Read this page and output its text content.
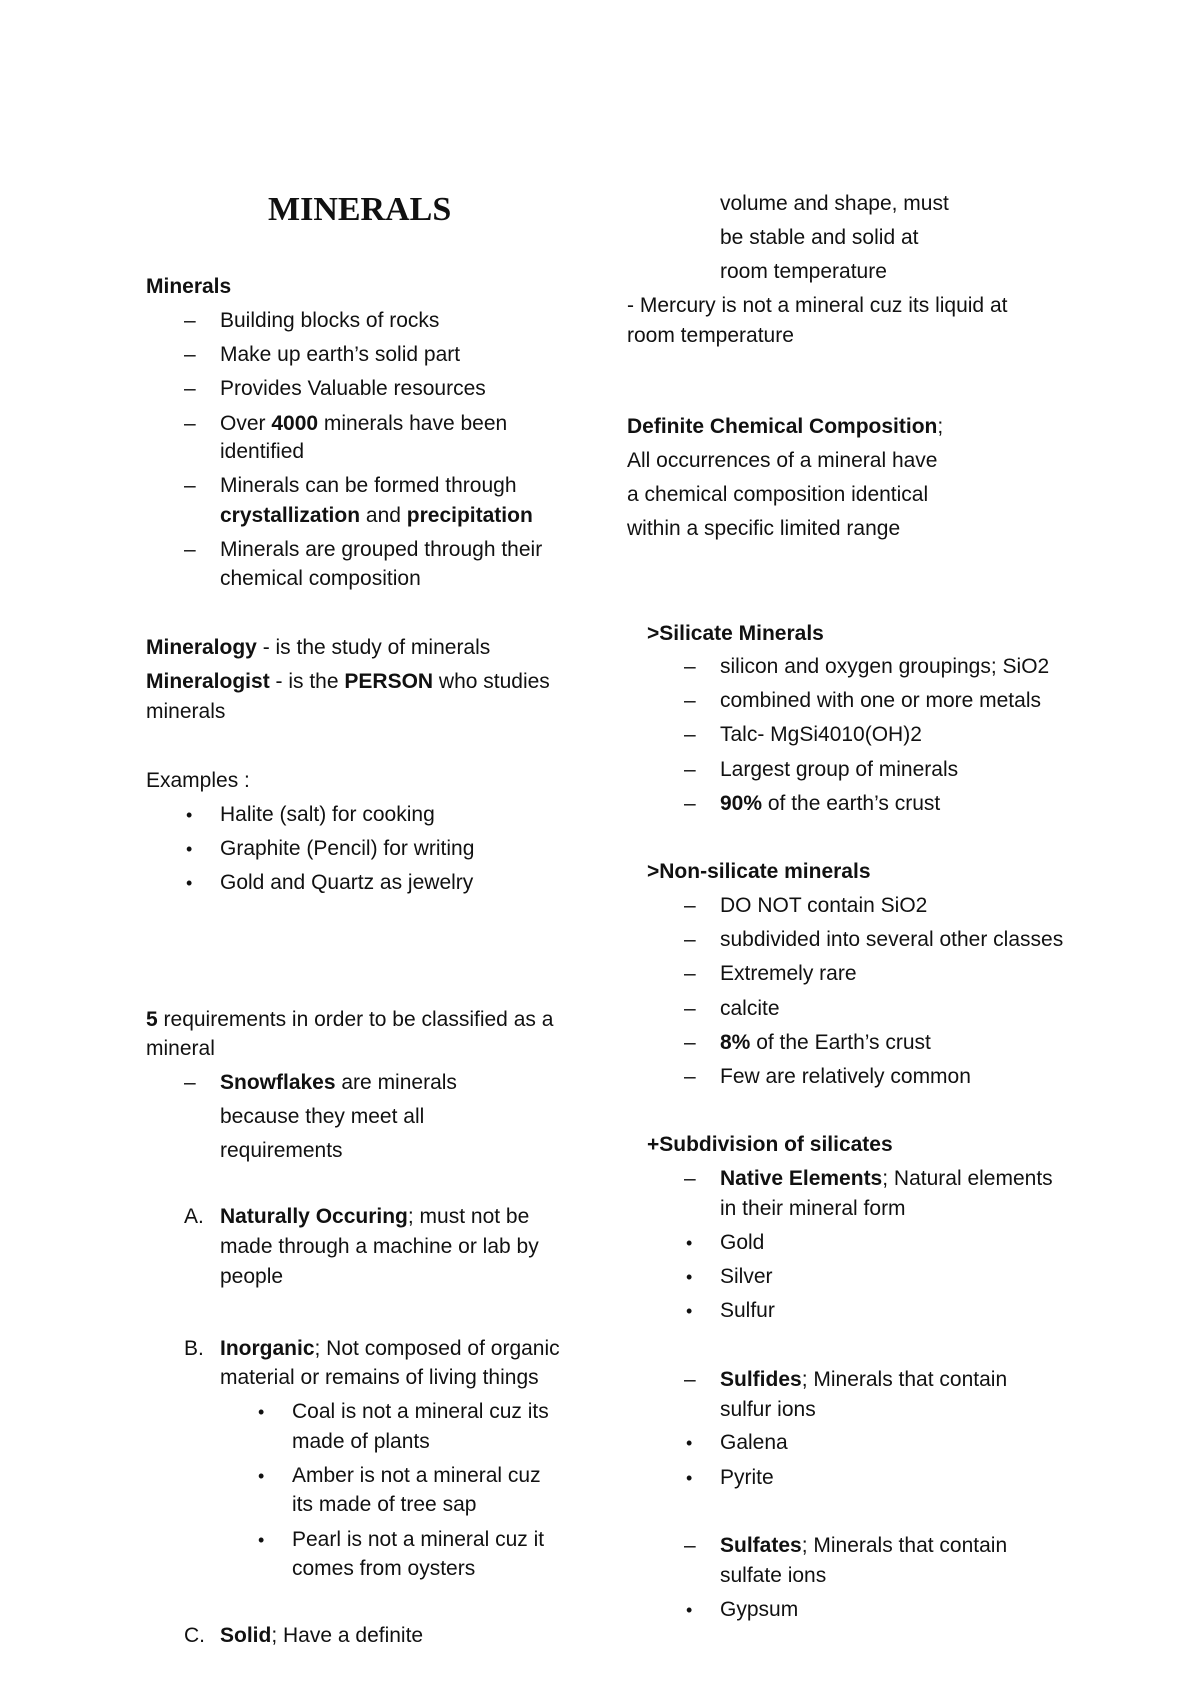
MINERALS
Minerals
– Building blocks of rocks
– Make up earth’s solid part
– Provides Valuable resources
– Over 4000 minerals have been
identified
– Minerals can be formed through
crystallization and precipitation
– Minerals are grouped through their
chemical composition
Mineralogy - is the study of minerals
Mineralogist - is the PERSON who studies
minerals
Examples :
• Halite (salt) for cooking
• Graphite (Pencil) for writing
• Gold and Quartz as jewelry
5 requirements in order to be classified as a
mineral
– Snowflakes are minerals
because they meet all
requirements
A. Naturally Occuring; must not be
made through a machine or lab by
people
B. Inorganic; Not composed of organic
material or remains of living things
• Coal is not a mineral cuz its
made of plants
• Amber is not a mineral cuz
its made of tree sap
• Pearl is not a mineral cuz it
comes from oysters
C. Solid; Have a definite
volume and shape, must
be stable and solid at
room temperature
- Mercury is not a mineral cuz its liquid at
room temperature
Definite Chemical Composition;
All occurrences of a mineral have
a chemical composition identical
within a specific limited range
>Silicate Minerals
– silicon and oxygen groupings; SiO2
– combined with one or more metals
– Talc- MgSi4010(OH)2
– Largest group of minerals
– 90% of the earth’s crust
>Non-silicate minerals
– DO NOT contain SiO2
– subdivided into several other classes
– Extremely rare
– calcite
– 8% of the Earth’s crust
– Few are relatively common
+Subdivision of silicates
– Native Elements; Natural elements
in their mineral form
• Gold
• Silver
• Sulfur
– Sulfides; Minerals that contain
sulfur ions
• Galena
• Pyrite
– Sulfates; Minerals that contain
sulfate ions
• Gypsum
